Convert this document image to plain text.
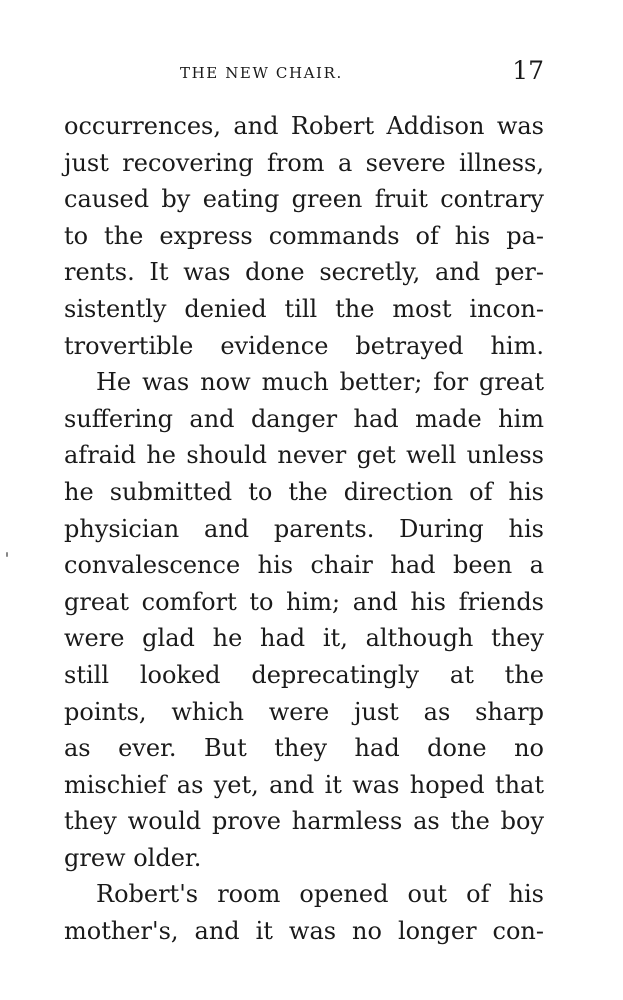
THE NEW CHAIR.	17
occurrences, and Robert Addison was
just recovering from a severe illness,
caused by eating green fruit contrary
to the express commands of his pa-
rents. It was done secretly, and per-
sistently denied till the most incon-
trovertible evidence betrayed him.
He was now much better; for great
suffering and danger had made him
afraid he should never get well unless
he submitted to the direction of his
physician and parents. During his
convalescence his chair had been a
great comfort to him; and his friends
were glad he had it, although they
still looked deprecatingly at the
points, which were just as sharp
as ever. But they had done no
mischief as yet, and it was hoped that
they would prove harmless as the boy
grew older.
Robert's room opened out of his
mother's, and it was no longer con-
